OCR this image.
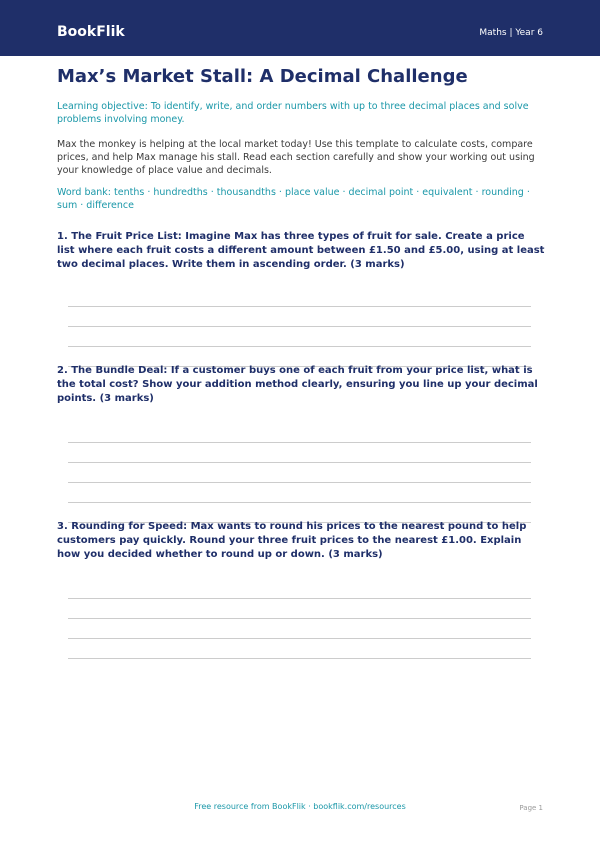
BookFlik	Maths | Year 6
Max’s Market Stall: A Decimal Challenge
Learning objective: To identify, write, and order numbers with up to three decimal places and solve problems involving money.
Max the monkey is helping at the local market today! Use this template to calculate costs, compare prices, and help Max manage his stall. Read each section carefully and show your working out using your knowledge of place value and decimals.
Word bank: tenths · hundredths · thousandths · place value · decimal point · equivalent · rounding · sum · difference
1. The Fruit Price List: Imagine Max has three types of fruit for sale. Create a price list where each fruit costs a different amount between £1.50 and £5.00, using at least two decimal places. Write them in ascending order. (3 marks)
2. The Bundle Deal: If a customer buys one of each fruit from your price list, what is the total cost? Show your addition method clearly, ensuring you line up your decimal points. (3 marks)
3. Rounding for Speed: Max wants to round his prices to the nearest pound to help customers pay quickly. Round your three fruit prices to the nearest £1.00. Explain how you decided whether to round up or down. (3 marks)
Free resource from BookFlik · bookflik.com/resources	Page 1
